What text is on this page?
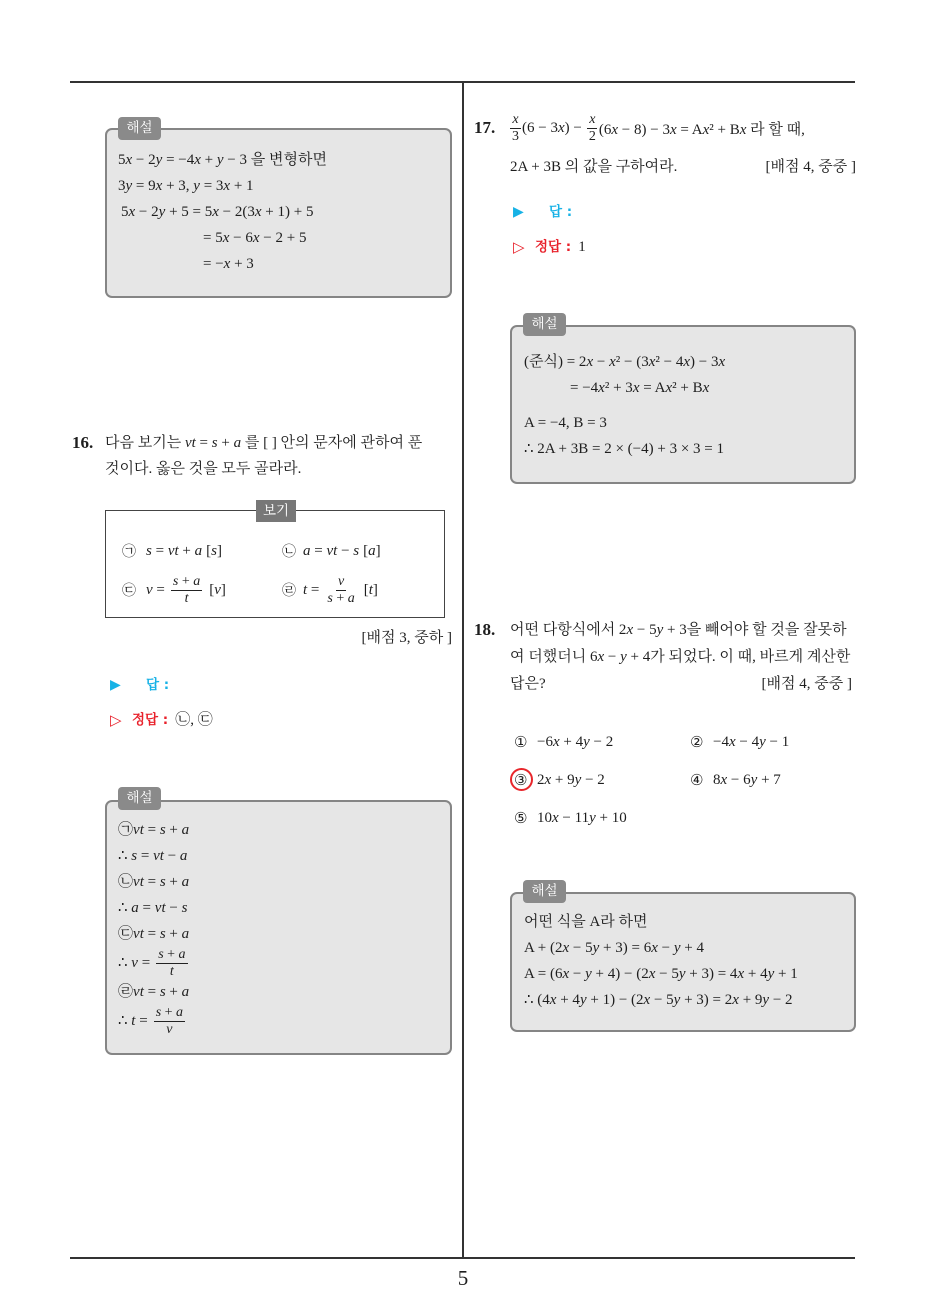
5
5x − 2y = −4x + y − 3 을 변형하면
3y = 9x + 3, y = 3x + 1
5x − 2y + 5 = 5x − 2(3x + 1) + 5
= 5x − 6x − 2 + 5
= −x + 3
해설
16. 다음 보기는 vt = s + a 를 [ ] 안의 문자에 관하여 푼
것이다. 옳은 것을 모두 골라라.
보기
㉠ s = vt + a [s]	㉡ a = vt − s [a]
㉢ $v = \frac{s + a}{t} [v]$	㉣ $t = \frac{v}{s + a} [t]$
[배점 3, 중하 ]
▶	답 :
▷ 정답 : ㉡, ㉢
㉠vt = s + a
∴ s = vt − a
㉡vt = s + a
∴ a = vt − s
㉢vt = s + a
∴ $v = \frac{s + a}{t}$
㉣vt = s + a
∴ $t = \frac{s + a}{v}$
해설
17. $\frac{x}{3} (6 - 3x) - \frac{x}{2} (6x - 8) - 3x = Ax^2 + Bx$ 라 할 때,
2A + 3B 의 값을 구하여라.	[배점 4, 중중 ]
▶	답 :
▷ 정답 : 1
(준식) = 2x − x² − (3x² − 4x) − 3x
= −4x² + 3x = Ax² + Bx
A = −4, B = 3
∴ 2A + 3B = 2 × (−4) + 3 × 3 = 1
해설
18. 어떤 다항식에서 2x − 5y + 3을 빼어야 할 것을 잘못하
여 더했더니 6x − y + 4가 되었다. 이 때, 바르게 계산한
답은?	[배점 4, 중중 ]
① −6x + 4y − 2	② −4x − 4y − 1
③ 2x + 9y − 2	④ 8x − 6y + 7
⑤ 10x − 11y + 10
어떤 식을 A라 하면
A + (2x − 5y + 3) = 6x − y + 4
A = (6x − y + 4) − (2x − 5y + 3) = 4x + 4y + 1
∴ (4x + 4y + 1) − (2x − 5y + 3) = 2x + 9y − 2
해설
